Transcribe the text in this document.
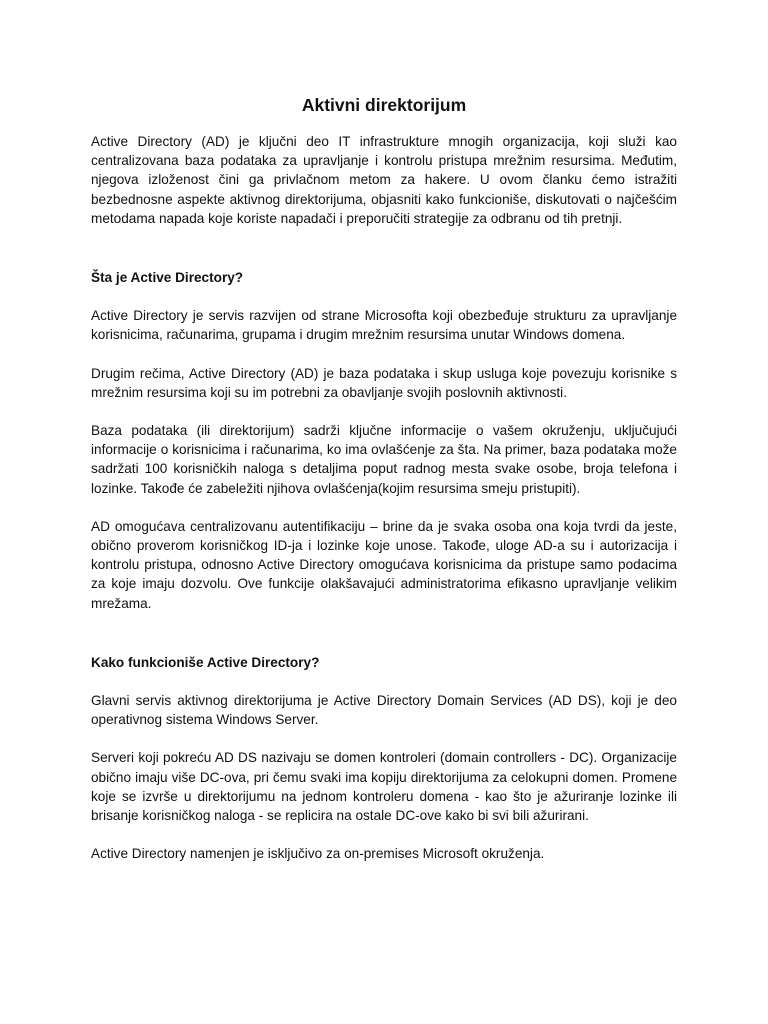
Aktivni direktorijum

Active Directory (AD) je ključni deo IT infrastrukture mnogih organizacija, koji služi kao centralizovana baza podataka za upravljanje i kontrolu pristupa mrežnim resursima. Međutim, njegova izloženost čini ga privlačnom metom za hakere. U ovom članku ćemo istražiti bezbednosne aspekte aktivnog direktorijuma, objasniti kako funkcioniše, diskutovati o najčešćim metodama napada koje koriste napadači i preporučiti strategije za odbranu od tih pretnji.

Šta je Active Directory?

Active Directory je servis razvijen od strane Microsofta koji obezbeđuje strukturu za upravljanje korisnicima, računarima, grupama i drugim mrežnim resursima unutar Windows domena.

Drugim rečima, Active Directory (AD) je baza podataka i skup usluga koje povezuju korisnike s mrežnim resursima koji su im potrebni za obavljanje svojih poslovnih aktivnosti.

Baza podataka (ili direktorijum) sadrži ključne informacije o vašem okruženju, uključujući informacije o korisnicima i računarima, ko ima ovlašćenje za šta. Na primer, baza podataka može sadržati 100 korisničkih naloga s detaljima poput radnog mesta svake osobe, broja telefona i lozinke. Takođe će zabeležiti njihova ovlašćenja(kojim resursima smeju pristupiti).

AD omogućava centralizovanu autentifikaciju – brine da je svaka osoba ona koja tvrdi da jeste, obično proverom korisničkog ID-ja i lozinke koje unose. Takođe, uloge AD-a su i autorizacija i kontrolu pristupa, odnosno Active Directory omogućava korisnicima da pristupe samo podacima za koje imaju dozvolu. Ove funkcije olakšavajući administratorima efikasno upravljanje velikim mrežama.

Kako funkcioniše Active Directory?

Glavni servis aktivnog direktorijuma je Active Directory Domain Services (AD DS), koji je deo operativnog sistema Windows Server.

Serveri koji pokreću AD DS nazivaju se domen kontroleri (domain controllers - DC). Organizacije obično imaju više DC-ova, pri čemu svaki ima kopiju direktorijuma za celokupni domen. Promene koje se izvrše u direktorijumu na jednom kontroleru domena - kao što je ažuriranje lozinke ili brisanje korisničkog naloga - se replicira na ostale DC-ove kako bi svi bili ažurirani.

Active Directory namenjen je isključivo za on-premises Microsoft okruženja.
